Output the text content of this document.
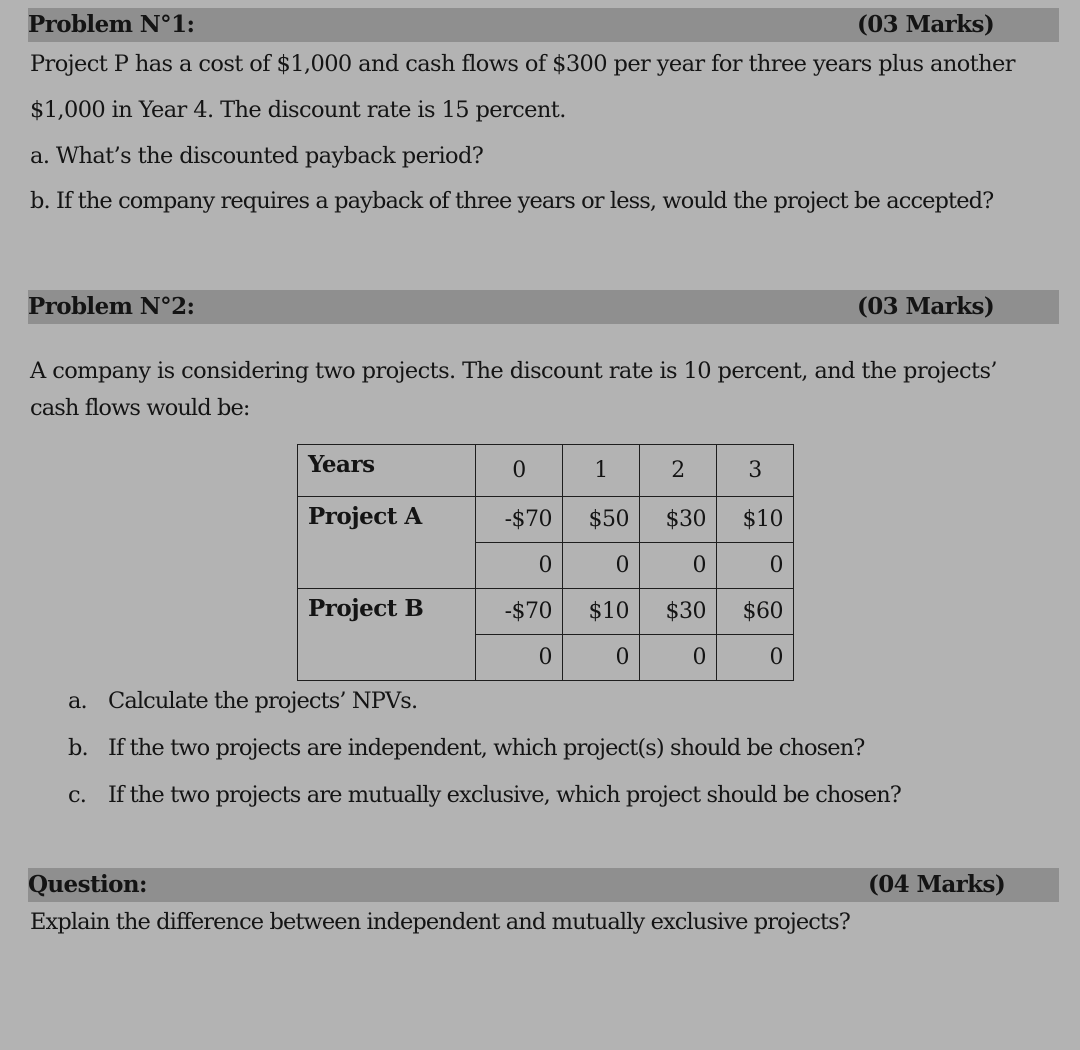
Problem N°1:	(03 Marks)
Project P has a cost of $1,000 and cash flows of $300 per year for three years plus another
$1,000 in Year 4. The discount rate is 15 percent.
a. What’s the discounted payback period?
b. If the company requires a payback of three years or less, would the project be accepted?
Problem N°2:	(03 Marks)
A company is considering two projects. The discount rate is 10 percent, and the projects’
cash flows would be:
Years	0	1	2	3
Project A	-$70	$50	$30	$10
	0	0	0	0
Project B	-$70	$10	$30	$60
	0	0	0	0
a. Calculate the projects’ NPVs.
b. If the two projects are independent, which project(s) should be chosen?
c. If the two projects are mutually exclusive, which project should be chosen?
Question:	(04 Marks)
Explain the difference between independent and mutually exclusive projects?
